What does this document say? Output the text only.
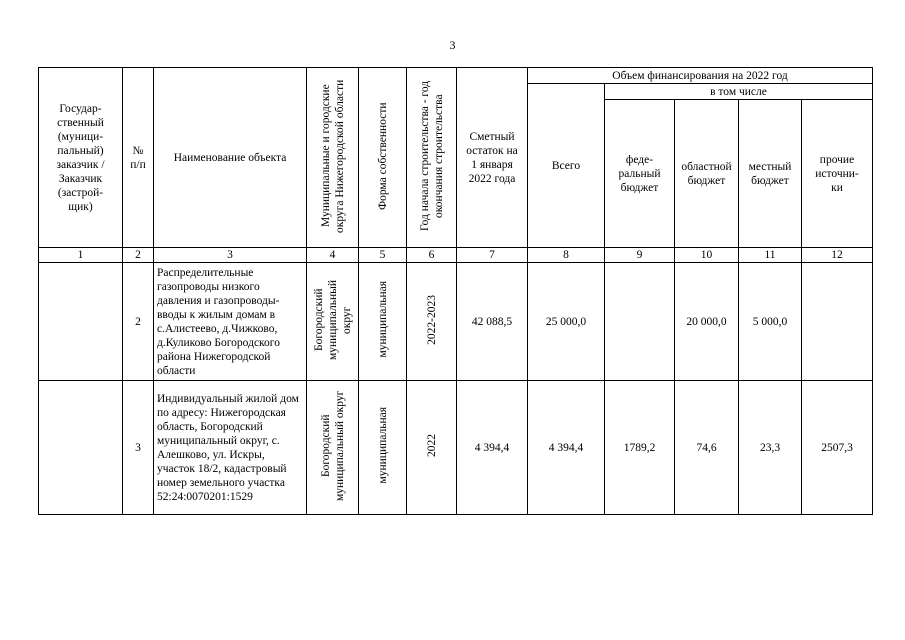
3
Государ-ственный (муници-пальный) заказчик / Заказчик (застрой-щик)	№ п/п	Наименование объекта	Муниципальные и городские округа Нижегородской области	Форма собственности	Год начала строительства - год окончания строительства	Сметный остаток на 1 января 2022 года	Объем финансирования на 2022 год				
							Всего	в том числе			
								феде-ральный бюджет	областной бюджет	местный бюджет	прочие источни-ки
1	2	3	4	5	6	7	8	9	10	11	12
	2	Распределительные газопроводы низкого давления и газопроводы-вводы к жилым домам в с.Алистеево, д.Чижково, д.Куликово Богородского района Нижегородской области	Богородский муниципальный округ	муниципальная	2022-2023	42 088,5	25 000,0		20 000,0	5 000,0	
	3	Индивидуальный жилой дом по адресу: Нижегородская область, Богородский муниципальный округ, с. Алешково, ул. Искры, участок 18/2, кадастровый номер земельного участка 52:24:0070201:1529	Богородский муниципальный округ	муниципальная	2022	4 394,4	4 394,4	1789,2	74,6	23,3	2507,3
